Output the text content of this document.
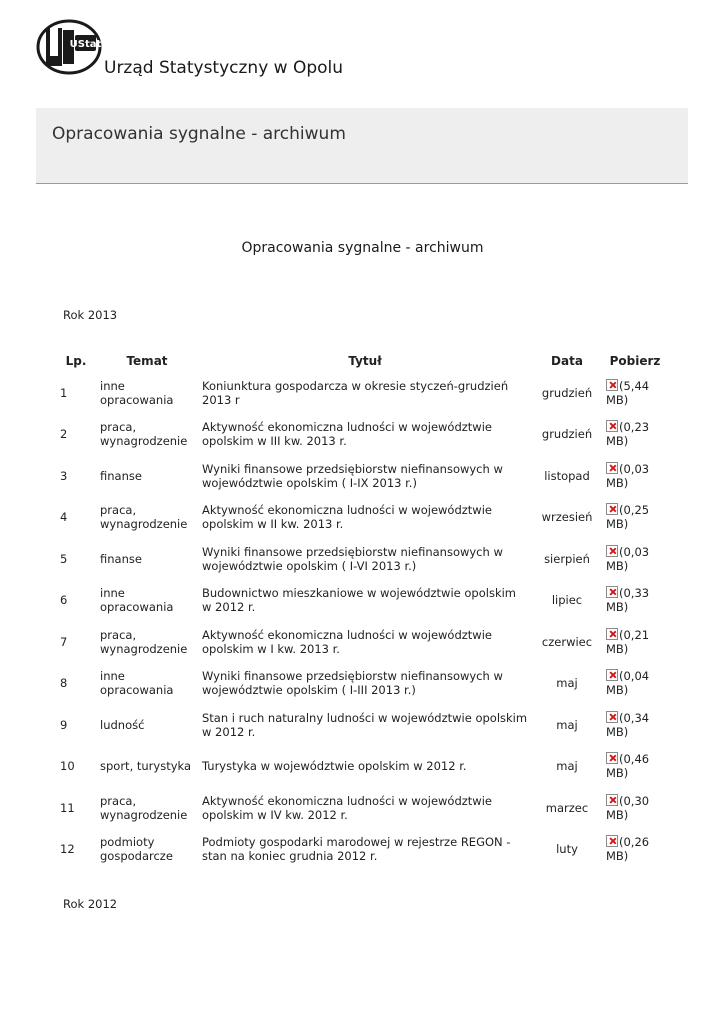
UStat
Urząd Statystyczny w Opolu
Opracowania sygnalne - archiwum
Opracowania sygnalne - archiwum
Rok 2013
Lp.	Temat	Tytuł	Data	Pobierz
1	inne opracowania	Koniunktura gospodarcza w okresie styczeń-grudzień 2013 r	grudzień	(5,44 MB)

2	praca, wynagrodzenie	Aktywność ekonomiczna ludności w województwie opolskim w III kw. 2013 r.	grudzień	(0,23 MB)

3	finanse	Wyniki finansowe przedsiębiorstw niefinansowych w województwie opolskim ( I-IX 2013 r.)	listopad	(0,03 MB)

4	praca, wynagrodzenie	Aktywność ekonomiczna ludności w województwie opolskim w II kw. 2013 r.	wrzesień	(0,25 MB)

5	finanse	Wyniki finansowe przedsiębiorstw niefinansowych w województwie opolskim ( I-VI 2013 r.)	sierpień	(0,03 MB)

6	inne opracowania	Budownictwo mieszkaniowe w województwie opolskim w 2012 r.	lipiec	(0,33 MB)

7	praca, wynagrodzenie	Aktywność ekonomiczna ludności w województwie opolskim w I kw. 2013 r.	czerwiec	(0,21 MB)

8	inne opracowania	Wyniki finansowe przedsiębiorstw niefinansowych w województwie opolskim ( I-III 2013 r.)	maj	(0,04 MB)

9	ludność	Stan i ruch naturalny ludności w województwie opolskim w 2012 r.	maj	(0,34 MB)

10	sport, turystyka	Turystyka w województwie opolskim w 2012 r.	maj	(0,46 MB)

11	praca, wynagrodzenie	Aktywność ekonomiczna ludności w województwie opolskim w IV kw. 2012 r.	marzec	(0,30 MB)

12	podmioty gospodarcze	Podmioty gospodarki marodowej w rejestrze REGON - stan na koniec grudnia 2012 r.	luty	(0,26 MB)
Rok 2012
